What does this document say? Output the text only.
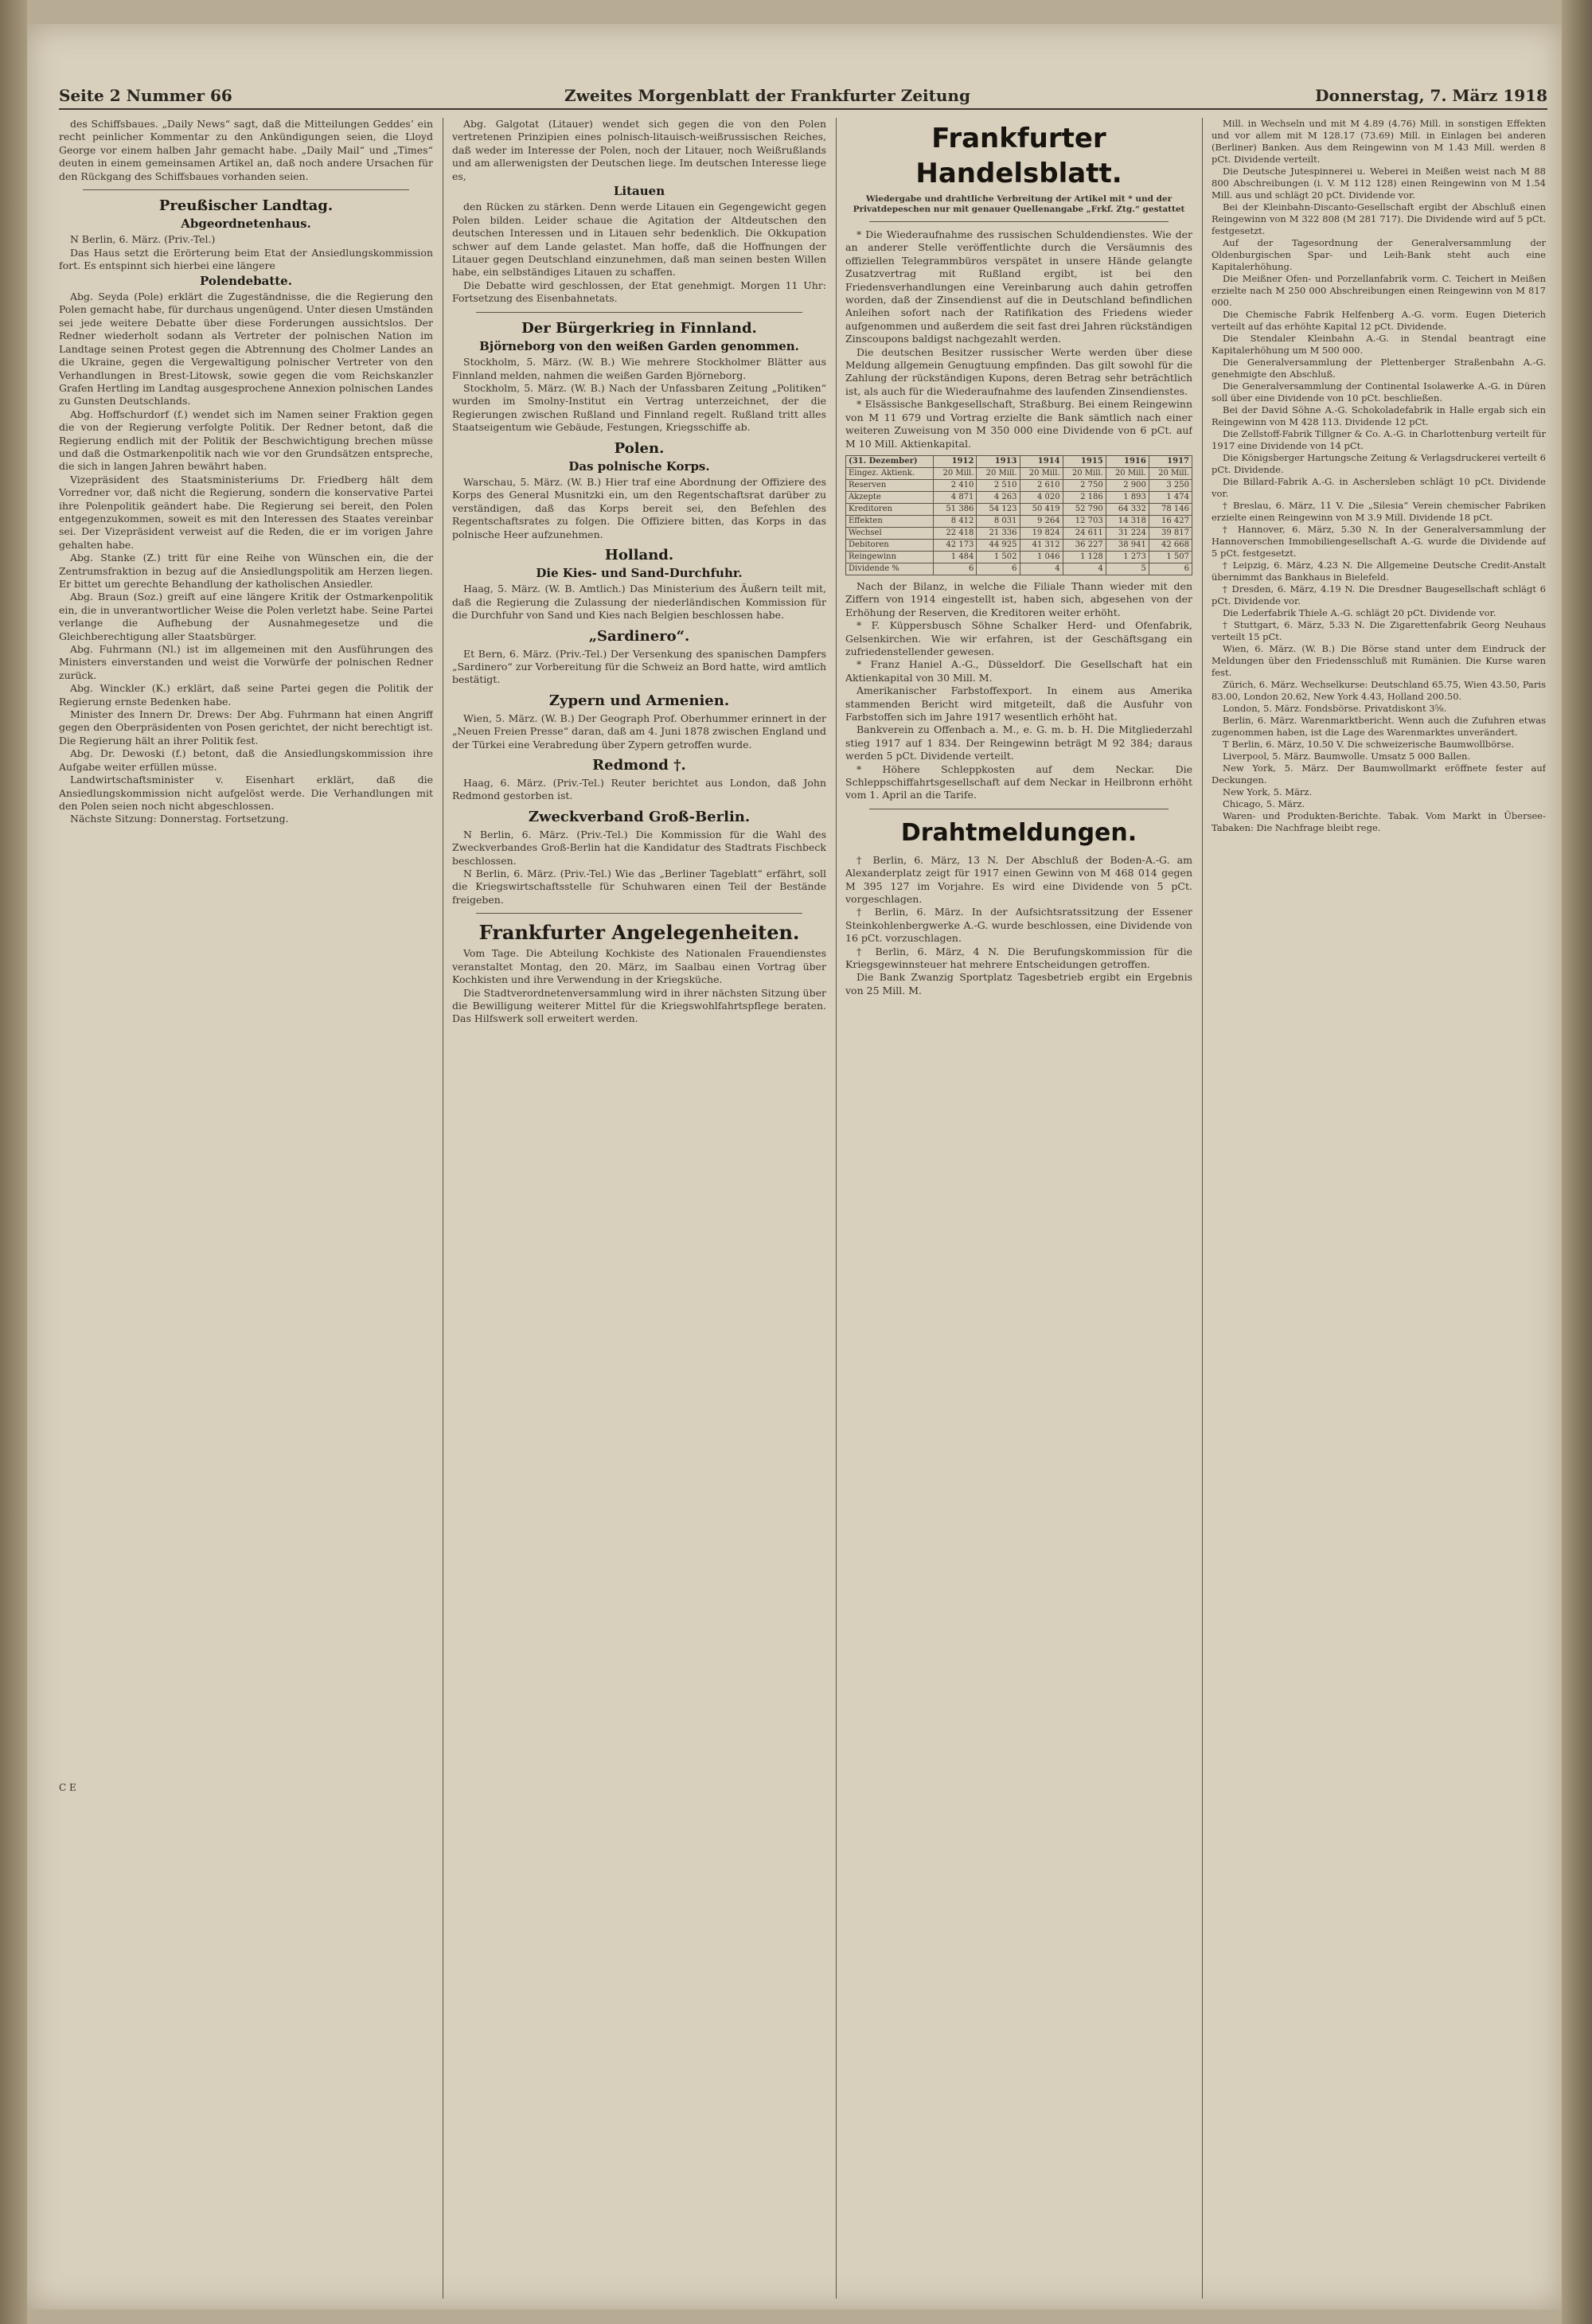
Seite 2 Nummer 66	Zweites Morgenblatt der Frankfurter Zeitung	Donnerstag, 7. März 1918

des Schiffsbaues. „Daily News“ sagt, daß die Mitteilungen Geddes’ ein recht peinlicher Kommentar zu den Ankündigungen seien, die Lloyd George vor einem halben Jahr gemacht habe. „Daily Mail“ und „Times“ deuten in einem gemeinsamen Artikel an, daß noch andere Ursachen für den Rückgang des Schiffsbaues vorhanden seien.

Preußischer Landtag.
Abgeordnetenhaus.

N Berlin, 6. März. (Priv.-Tel.)

Das Haus setzt die Erörterung beim Etat der Ansiedlungskommission fort. Es entspinnt sich hierbei eine längere

Polendebatte.

Abg. Seyda (Pole) erklärt die Zugeständnisse, die die Regierung den Polen gemacht habe, für durchaus ungenügend. Unter diesen Umständen sei jede weitere Debatte über diese Forderungen aussichtslos. Der Redner wiederholt sodann als Vertreter der polnischen Nation im Landtage seinen Protest gegen die Abtrennung des Cholmer Landes an die Ukraine, gegen die Vergewaltigung polnischer Vertreter von den Verhandlungen in Brest-Litowsk, sowie gegen die vom Reichskanzler Grafen Hertling im Landtag ausgesprochene Annexion polnischen Landes zu Gunsten Deutschlands.

Abg. Hoffschurdorf (f.) wendet sich im Namen seiner Fraktion gegen die von der Regierung verfolgte Politik. Der Redner betont, daß die Regierung endlich mit der Politik der Beschwichtigung brechen müsse und daß die Ostmarkenpolitik nach wie vor den Grundsätzen entspreche, die sich in langen Jahren bewährt haben.

Vizepräsident des Staatsministeriums Dr. Friedberg hält dem Vorredner vor, daß nicht die Regierung, sondern die konservative Partei ihre Polenpolitik geändert habe. Die Regierung sei bereit, den Polen entgegenzukommen, soweit es mit den Interessen des Staates vereinbar sei. Der Vizepräsident verweist auf die Reden, die er im vorigen Jahre gehalten habe.

Abg. Stanke (Z.) tritt für eine Reihe von Wünschen ein, die der Zentrumsfraktion in bezug auf die Ansiedlungspolitik am Herzen liegen. Er bittet um gerechte Behandlung der katholischen Ansiedler.

Abg. Braun (Soz.) greift auf eine längere Kritik der Ostmarkenpolitik ein, die in unverantwortlicher Weise die Polen verletzt habe. Seine Partei verlange die Aufhebung der Ausnahmegesetze und die Gleichberechtigung aller Staatsbürger.

Abg. Fuhrmann (Nl.) ist im allgemeinen mit den Ausführungen des Ministers einverstanden und weist die Vorwürfe der polnischen Redner zurück.

Abg. Winckler (K.) erklärt, daß seine Partei gegen die Politik der Regierung ernste Bedenken habe.

Minister des Innern Dr. Drews: Der Abg. Fuhrmann hat einen Angriff gegen den Oberpräsidenten von Posen gerichtet, der nicht berechtigt ist. Die Regierung hält an ihrer Politik fest.

Abg. Dr. Dewoski (f.) betont, daß die Ansiedlungskommission ihre Aufgabe weiter erfüllen müsse.

Landwirtschaftsminister v. Eisenhart erklärt, daß die Ansiedlungskommission nicht aufgelöst werde. Die Verhandlungen mit den Polen seien noch nicht abgeschlossen.

Nächste Sitzung: Donnerstag. Fortsetzung.

C E

Abg. Galgotat (Litauer) wendet sich gegen die von den Polen vertretenen Prinzipien eines polnisch-litauisch-weißrussischen Reiches, daß weder im Interesse der Polen, noch der Litauer, noch Weißrußlands und am allerwenigsten der Deutschen liege. Im deutschen Interesse liege es,

Litauen

den Rücken zu stärken. Denn werde Litauen ein Gegengewicht gegen Polen bilden. Leider schaue die Agitation der Altdeutschen den deutschen Interessen und in Litauen sehr bedenklich. Die Okkupation schwer auf dem Lande gelastet. Man hoffe, daß die Hoffnungen der Litauer gegen Deutschland einzunehmen, daß man seinen besten Willen habe, ein selbständiges Litauen zu schaffen.

Die Debatte wird geschlossen, der Etat genehmigt. Morgen 11 Uhr: Fortsetzung des Eisenbahnetats.

Der Bürgerkrieg in Finnland.
Björneborg von den weißen Garden genommen.

Stockholm, 5. März. (W. B.) Wie mehrere Stockholmer Blätter aus Finnland melden, nahmen die weißen Garden Björneborg.

Stockholm, 5. März. (W. B.) Nach der Unfassbaren Zeitung „Politiken“ wurden im Smolny-Institut ein Vertrag unterzeichnet, der die Regierungen zwischen Rußland und Finnland regelt. Rußland tritt alles Staatseigentum wie Gebäude, Festungen, Kriegsschiffe ab.

Polen.
Das polnische Korps.

Warschau, 5. März. (W. B.) Hier traf eine Abordnung der Offiziere des Korps des General Musnitzki ein, um den Regentschaftsrat darüber zu verständigen, daß das Korps bereit sei, den Befehlen des Regentschaftsrates zu folgen. Die Offiziere bitten, das Korps in das polnische Heer aufzunehmen.

Holland.
Die Kies- und Sand-Durchfuhr.

Haag, 5. März. (W. B. Amtlich.) Das Ministerium des Äußern teilt mit, daß die Regierung die Zulassung der niederländischen Kommission für die Durchfuhr von Sand und Kies nach Belgien beschlossen habe.

„Sardinero“.

Et Bern, 6. März. (Priv.-Tel.) Der Versenkung des spanischen Dampfers „Sardinero“ zur Vorbereitung für die Schweiz an Bord hatte, wird amtlich bestätigt.

Zypern und Armenien.

Wien, 5. März. (W. B.) Der Geograph Prof. Oberhummer erinnert in der „Neuen Freien Presse“ daran, daß am 4. Juni 1878 zwischen England und der Türkei eine Verabredung über Zypern getroffen wurde.

Redmond †.

Haag, 6. März. (Priv.-Tel.) Reuter berichtet aus London, daß John Redmond gestorben ist.

Zweckverband Groß-Berlin.

N Berlin, 6. März. (Priv.-Tel.) Die Kommission für die Wahl des Zweckverbandes Groß-Berlin hat die Kandidatur des Stadtrats Fischbeck beschlossen.

N Berlin, 6. März. (Priv.-Tel.) Wie das „Berliner Tageblatt“ erfährt, soll die Kriegswirtschaftsstelle für Schuhwaren einen Teil der Bestände freigeben.

Frankfurter Angelegenheiten.

Vom Tage. Die Abteilung Kochkiste des Nationalen Frauendienstes veranstaltet Montag, den 20. März, im Saalbau einen Vortrag über Kochkisten und ihre Verwendung in der Kriegsküche.

Die Stadtverordnetenversammlung wird in ihrer nächsten Sitzung über die Bewilligung weiterer Mittel für die Kriegswohlfahrtspflege beraten. Das Hilfswerk soll erweitert werden.

Frankfurter Handelsblatt.

Wiedergabe und drahtliche Verbreitung der Artikel mit * und der Privatdepeschen nur mit genauer Quellenangabe „Frkf. Ztg.“ gestattet

* Die Wiederaufnahme des russischen Schuldendienstes. Wie der an anderer Stelle veröffentlichte durch die Versäumnis des offiziellen Telegrammbüros verspätet in unsere Hände gelangte Zusatzvertrag mit Rußland ergibt, ist bei den Friedensverhandlungen eine Vereinbarung auch dahin getroffen worden, daß der Zinsendienst auf die in Deutschland befindlichen Anleihen sofort nach der Ratifikation des Friedens wieder aufgenommen und außerdem die seit fast drei Jahren rückständigen Zinscoupons baldigst nachgezahlt werden.

Die deutschen Besitzer russischer Werte werden über diese Meldung allgemein Genugtuung empfinden. Das gilt sowohl für die Zahlung der rückständigen Kupons, deren Betrag sehr beträchtlich ist, als auch für die Wiederaufnahme des laufenden Zinsendienstes.

* Elsässische Bankgesellschaft, Straßburg. Bei einem Reingewinn von M 11 679 und Vortrag erzielte die Bank sämtlich nach einer weiteren Zuweisung von M 350 000 eine Dividende von 6 pCt. auf M 10 Mill. Aktienkapital.

(31. Dezember)	1912	1913	1914	1915	1916	1917
Eingez. Aktienk.	20 Mill.	20 Mill.	20 Mill.	20 Mill.	20 Mill.	20 Mill.
Reserven	2 410	2 510	2 610	2 750	2 900	3 250
Akzepte	4 871	4 263	4 020	2 186	1 893	1 474
Kreditoren	51 386	54 123	50 419	52 790	64 332	78 146
Effekten	8 412	8 031	9 264	12 703	14 318	16 427
Wechsel	22 418	21 336	19 824	24 611	31 224	39 817
Debitoren	42 173	44 925	41 312	36 227	38 941	42 668
Reingewinn	1 484	1 502	1 046	1 128	1 273	1 507
Dividende %	6	6	4	4	5	6

Nach der Bilanz, in welche die Filiale Thann wieder mit den Ziffern von 1914 eingestellt ist, haben sich, abgesehen von der Erhöhung der Reserven, die Kreditoren weiter erhöht.

* F. Küppersbusch Söhne Schalker Herd- und Ofenfabrik, Gelsenkirchen. Wie wir erfahren, ist der Geschäftsgang ein zufriedenstellender gewesen.

* Franz Haniel A.-G., Düsseldorf. Die Gesellschaft hat ein Aktienkapital von 30 Mill. M.

Amerikanischer Farbstoffexport. In einem aus Amerika stammenden Bericht wird mitgeteilt, daß die Ausfuhr von Farbstoffen sich im Jahre 1917 wesentlich erhöht hat.

Bankverein zu Offenbach a. M., e. G. m. b. H. Die Mitgliederzahl stieg 1917 auf 1 834. Der Reingewinn beträgt M 92 384; daraus werden 5 pCt. Dividende verteilt.

* Höhere Schleppkosten auf dem Neckar. Die Schleppschiffahrtsgesellschaft auf dem Neckar in Heilbronn erhöht vom 1. April an die Tarife.

Drahtmeldungen.

† Berlin, 6. März, 13 N. Der Abschluß der Boden-A.-G. am Alexanderplatz zeigt für 1917 einen Gewinn von M 468 014 gegen M 395 127 im Vorjahre. Es wird eine Dividende von 5 pCt. vorgeschlagen.

† Berlin, 6. März. In der Aufsichtsratssitzung der Essener Steinkohlenbergwerke A.-G. wurde beschlossen, eine Dividende von 16 pCt. vorzuschlagen.

† Berlin, 6. März, 4 N. Die Berufungskommission für die Kriegsgewinnsteuer hat mehrere Entscheidungen getroffen.

Die Bank Zwanzig Sportplatz Tagesbetrieb ergibt ein Ergebnis von 25 Mill. M.

Mill. in Wechseln und mit M 4.89 (4.76) Mill. in sonstigen Effekten und vor allem mit M 128.17 (73.69) Mill. in Einlagen bei anderen (Berliner) Banken. Aus dem Reingewinn von M 1.43 Mill. werden 8 pCt. Dividende verteilt.

Die Deutsche Jutespinnerei u. Weberei in Meißen weist nach M 88 800 Abschreibungen (i. V. M 112 128) einen Reingewinn von M 1.54 Mill. aus und schlägt 20 pCt. Dividende vor.

Bei der Kleinbahn-Discanto-Gesellschaft ergibt der Abschluß einen Reingewinn von M 322 808 (M 281 717). Die Dividende wird auf 5 pCt. festgesetzt.

Auf der Tagesordnung der Generalversammlung der Oldenburgischen Spar- und Leih-Bank steht auch eine Kapitalerhöhung.

Die Meißner Ofen- und Porzellanfabrik vorm. C. Teichert in Meißen erzielte nach M 250 000 Abschreibungen einen Reingewinn von M 817 000.

Die Chemische Fabrik Helfenberg A.-G. vorm. Eugen Dieterich verteilt auf das erhöhte Kapital 12 pCt. Dividende.

Die Stendaler Kleinbahn A.-G. in Stendal beantragt eine Kapitalerhöhung um M 500 000.

Die Generalversammlung der Plettenberger Straßenbahn A.-G. genehmigte den Abschluß.

Die Generalversammlung der Continental Isolawerke A.-G. in Düren soll über eine Dividende von 10 pCt. beschließen.

Bei der David Söhne A.-G. Schokoladefabrik in Halle ergab sich ein Reingewinn von M 428 113. Dividende 12 pCt.

Die Zellstoff-Fabrik Tillgner & Co. A.-G. in Charlottenburg verteilt für 1917 eine Dividende von 14 pCt.

Die Königsberger Hartungsche Zeitung & Verlagsdruckerei verteilt 6 pCt. Dividende.

Die Billard-Fabrik A.-G. in Aschersleben schlägt 10 pCt. Dividende vor.

† Breslau, 6. März, 11 V. Die „Silesia“ Verein chemischer Fabriken erzielte einen Reingewinn von M 3.9 Mill. Dividende 18 pCt.

† Hannover, 6. März, 5.30 N. In der Generalversammlung der Hannoverschen Immobiliengesellschaft A.-G. wurde die Dividende auf 5 pCt. festgesetzt.

† Leipzig, 6. März, 4.23 N. Die Allgemeine Deutsche Credit-Anstalt übernimmt das Bankhaus in Bielefeld.

† Dresden, 6. März, 4.19 N. Die Dresdner Baugesellschaft schlägt 6 pCt. Dividende vor.

Die Lederfabrik Thiele A.-G. schlägt 20 pCt. Dividende vor.

† Stuttgart, 6. März, 5.33 N. Die Zigarettenfabrik Georg Neuhaus verteilt 15 pCt.

Wien, 6. März. (W. B.) Die Börse stand unter dem Eindruck der Meldungen über den Friedensschluß mit Rumänien. Die Kurse waren fest.

Zürich, 6. März. Wechselkurse: Deutschland 65.75, Wien 43.50, Paris 83.00, London 20.62, New York 4.43, Holland 200.50.

London, 5. März. Fondsbörse. Privatdiskont 3⅝.

Berlin, 6. März. Warenmarktbericht. Wenn auch die Zufuhren etwas zugenommen haben, ist die Lage des Warenmarktes unverändert.

T Berlin, 6. März, 10.50 V. Die schweizerische Baumwollbörse.

Liverpool, 5. März. Baumwolle. Umsatz 5 000 Ballen.

New York, 5. März. Der Baumwollmarkt eröffnete fester auf Deckungen.

New York, 5. März.

Chicago, 5. März.

Waren- und Produkten-Berichte. Tabak. Vom Markt in Übersee-Tabaken: Die Nachfrage bleibt rege.
